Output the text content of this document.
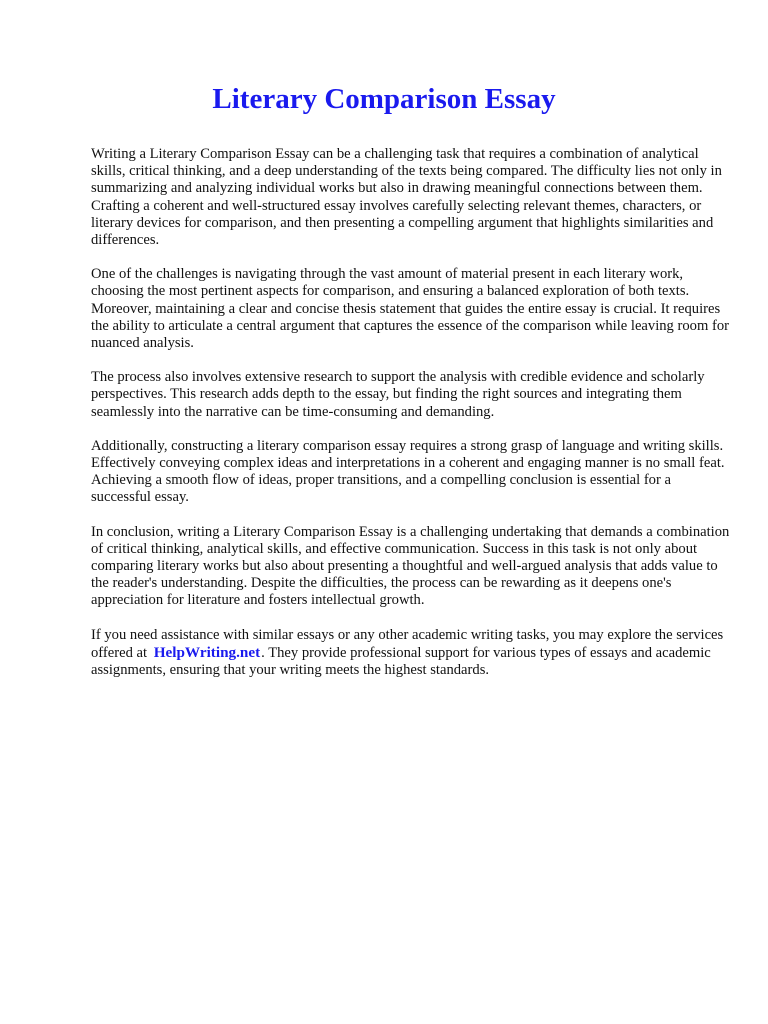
Literary Comparison Essay

Writing a Literary Comparison Essay can be a challenging task that requires a combination of analytical skills, critical thinking, and a deep understanding of the texts being compared. The difficulty lies not only in summarizing and analyzing individual works but also in drawing meaningful connections between them. Crafting a coherent and well-structured essay involves carefully selecting relevant themes, characters, or literary devices for comparison, and then presenting a compelling argument that highlights similarities and differences.

One of the challenges is navigating through the vast amount of material present in each literary work, choosing the most pertinent aspects for comparison, and ensuring a balanced exploration of both texts. Moreover, maintaining a clear and concise thesis statement that guides the entire essay is crucial. It requires the ability to articulate a central argument that captures the essence of the comparison while leaving room for nuanced analysis.

The process also involves extensive research to support the analysis with credible evidence and scholarly perspectives. This research adds depth to the essay, but finding the right sources and integrating them seamlessly into the narrative can be time-consuming and demanding.

Additionally, constructing a literary comparison essay requires a strong grasp of language and writing skills. Effectively conveying complex ideas and interpretations in a coherent and engaging manner is no small feat. Achieving a smooth flow of ideas, proper transitions, and a compelling conclusion is essential for a successful essay.

In conclusion, writing a Literary Comparison Essay is a challenging undertaking that demands a combination of critical thinking, analytical skills, and effective communication. Success in this task is not only about comparing literary works but also about presenting a thoughtful and well-argued analysis that adds value to the reader's understanding. Despite the difficulties, the process can be rewarding as it deepens one's appreciation for literature and fosters intellectual growth.

If you need assistance with similar essays or any other academic writing tasks, you may explore the services offered at HelpWriting.net. They provide professional support for various types of essays and academic assignments, ensuring that your writing meets the highest standards.
